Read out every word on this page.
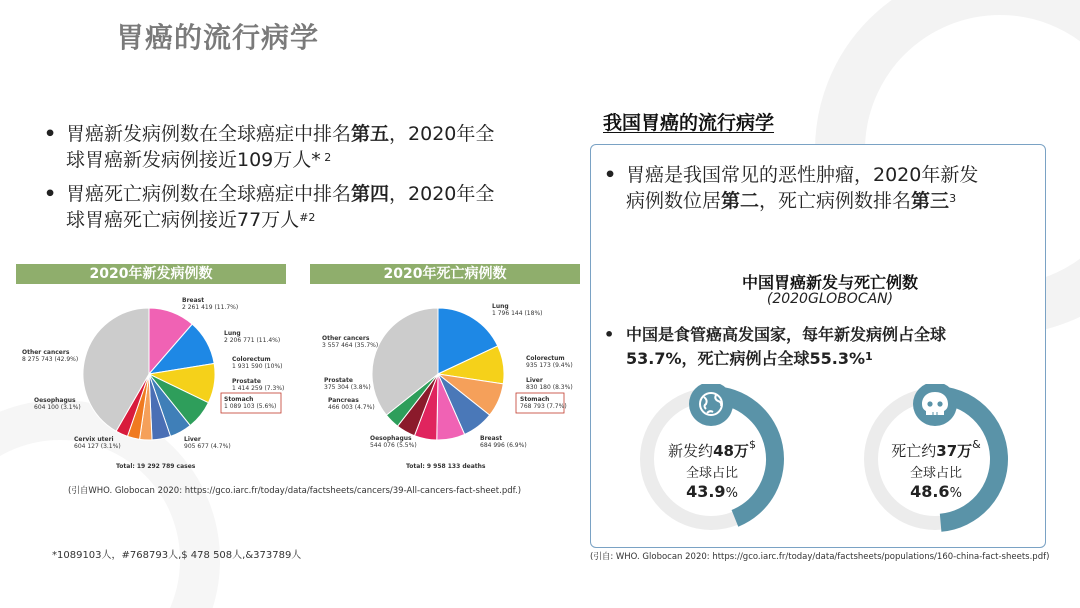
胃癌的流行病学
• 胃癌新发病例数在全球癌症中排名第五，2020年全
球胃癌新发病例接近109万人* $^2$
• 胃癌死亡病例数在全球癌症中排名第四，2020年全
球胃癌死亡病例接近77万人$^{\#2}$
2020年新发病例数	2020年死亡病例数
Breast
2 261 419 (11.7%)
Lung
2 206 771 (11.4%)
Colorectum
1 931 590 (10%)
Prostate
1 414 259 (7.3%)
Stomach
1 089 103 (5.6%)
Liver
905 677 (4.7%)
Cervix uteri
604 127 (3.1%)
Oesophagus
604 100 (3.1%)
Other cancers
8 275 743 (42.9%)
Total: 19 292 789 cases
Lung
1 796 144 (18%)
Colorectum
935 173 (9.4%)
Liver
830 180 (8.3%)
Stomach
768 793 (7.7%)
Breast
684 996 (6.9%)
Oesophagus
544 076 (5.5%)
Pancreas
466 003 (4.7%)
Prostate
375 304 (3.8%)
Other cancers
3 557 464 (35.7%)
Total: 9 958 133 deaths
(引自WHO. Globocan 2020: https://gco.iarc.fr/today/data/factsheets/cancers/39-All-cancers-fact-sheet.pdf.)
*1089103人，#768793人,$ 478 508人,&373789人
我国胃癌的流行病学
• 胃癌是我国常见的恶性肿瘤，2020年新发
病例数位居第二，死亡病例数排名第三$^3$
中国胃癌新发与死亡例数
(2020GLOBOCAN)
• 中国是食管癌高发国家，每年新发病例占全球
53.7%，死亡病例占全球55.3%$^1$
新发约48万$
全球占比
43.9%
死亡约37万&
全球占比
48.6%
(引自: WHO. Globocan 2020: https://gco.iarc.fr/today/data/factsheets/populations/160-china-fact-sheets.pdf)
